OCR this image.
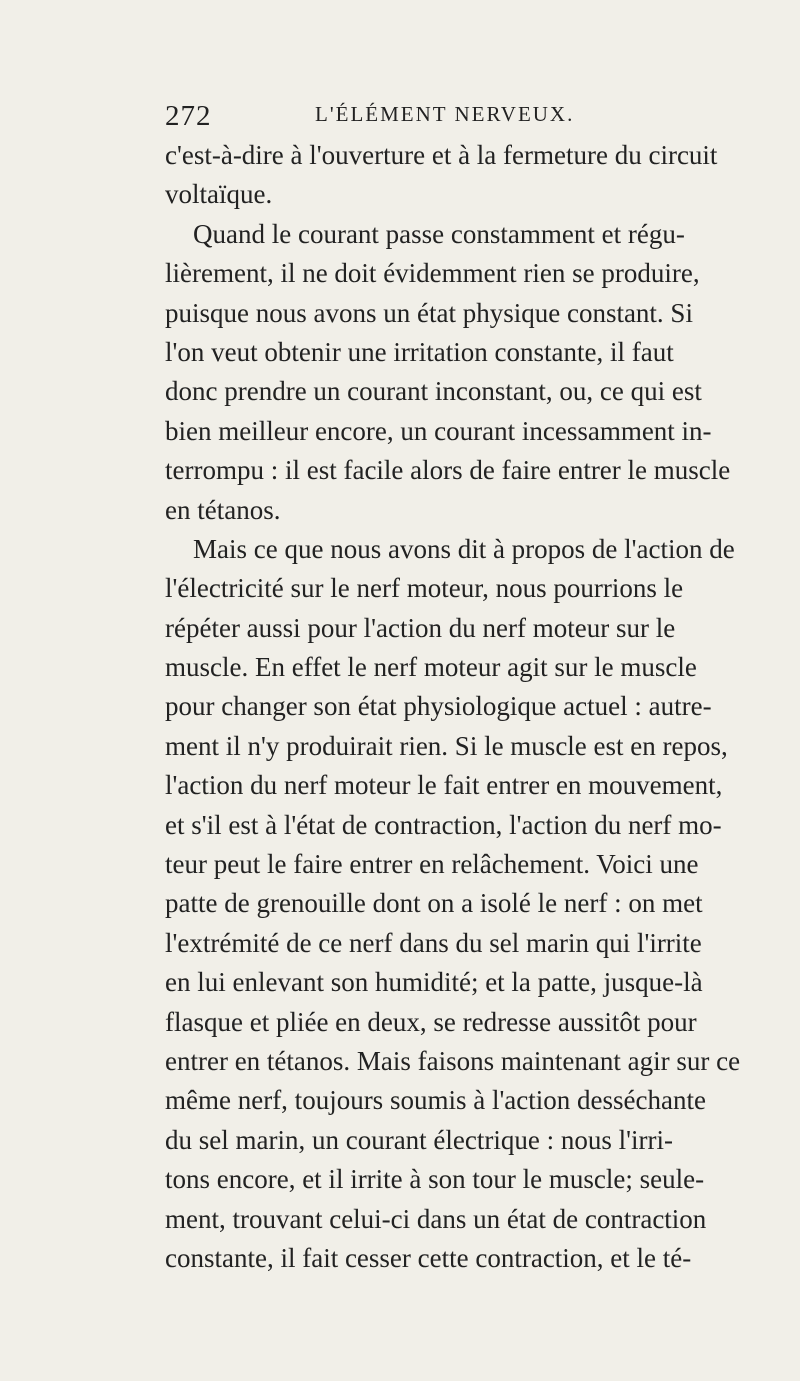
272	L'ÉLÉMENT NERVEUX.
c'est-à-dire à l'ouverture et à la fermeture du circuit
voltaïque.
Quand le courant passe constamment et régu-
lièrement, il ne doit évidemment rien se produire,
puisque nous avons un état physique constant. Si
l'on veut obtenir une irritation constante, il faut
donc prendre un courant inconstant, ou, ce qui est
bien meilleur encore, un courant incessamment in-
terrompu : il est facile alors de faire entrer le muscle
en tétanos.
Mais ce que nous avons dit à propos de l'action de
l'électricité sur le nerf moteur, nous pourrions le
répéter aussi pour l'action du nerf moteur sur le
muscle. En effet le nerf moteur agit sur le muscle
pour changer son état physiologique actuel : autre-
ment il n'y produirait rien. Si le muscle est en repos,
l'action du nerf moteur le fait entrer en mouvement,
et s'il est à l'état de contraction, l'action du nerf mo-
teur peut le faire entrer en relâchement. Voici une
patte de grenouille dont on a isolé le nerf : on met
l'extrémité de ce nerf dans du sel marin qui l'irrite
en lui enlevant son humidité; et la patte, jusque-là
flasque et pliée en deux, se redresse aussitôt pour
entrer en tétanos. Mais faisons maintenant agir sur ce
même nerf, toujours soumis à l'action desséchante
du sel marin, un courant électrique : nous l'irri-
tons encore, et il irrite à son tour le muscle; seule-
ment, trouvant celui-ci dans un état de contraction
constante, il fait cesser cette contraction, et le té-
